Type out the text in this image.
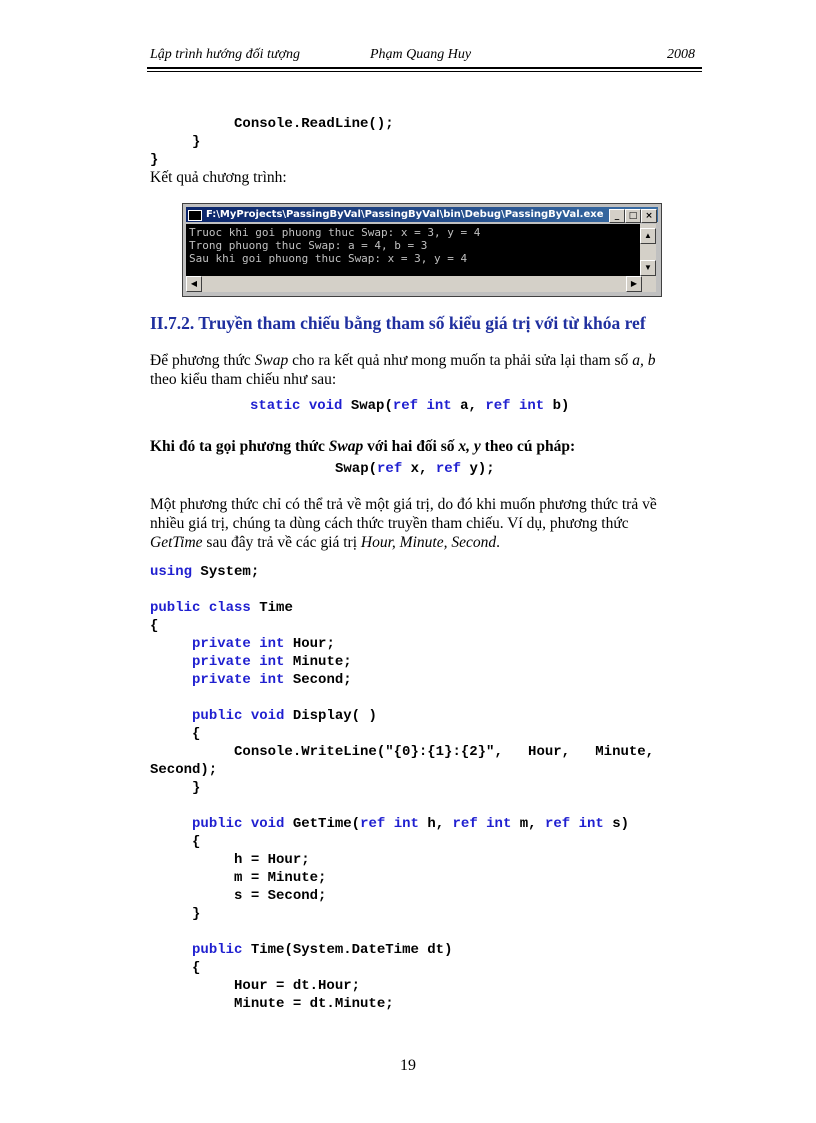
Lập trình hướng đối tượng	Phạm Quang Huy	2008

Console.ReadLine();
}
}
Kết quả chương trình:
F:\MyProjects\PassingByVal\PassingByVal\bin\Debug\PassingByVal.exe	_	□ ×
Truoc khi goi phuong thuc Swap: x = 3, y = 4
Trong phuong thuc Swap: a = 4, b = 3
Sau khi goi phuong thuc Swap: x = 3, y = 4
▲
▼
◀	▶
II.7.2. Truyền tham chiếu bằng tham số kiểu giá trị với từ khóa ref
Để phương thức Swap cho ra kết quả như mong muốn ta phải sửa lại tham số a, b
theo kiểu tham chiếu như sau:
static void Swap(ref int a, ref int b)
Khi đó ta gọi phương thức Swap với hai đối số x, y theo cú pháp:
Swap(ref x, ref y);
Một phương thức chỉ có thể trả về một giá trị, do đó khi muốn phương thức trả về
nhiều giá trị, chúng ta dùng cách thức truyền tham chiếu. Ví dụ, phương thức
GetTime sau đây trả về các giá trị Hour, Minute, Second.
using System;

public class Time
{
private int Hour;
private int Minute;
private int Second;

public void Display( )
{
Console.WriteLine("{0}:{1}:{2}",   Hour,   Minute,
Second);
}

public void GetTime(ref int h, ref int m, ref int s)
{
h = Hour;
m = Minute;
s = Second;
}

public Time(System.DateTime dt)
{
Hour = dt.Hour;
Minute = dt.Minute;
19
